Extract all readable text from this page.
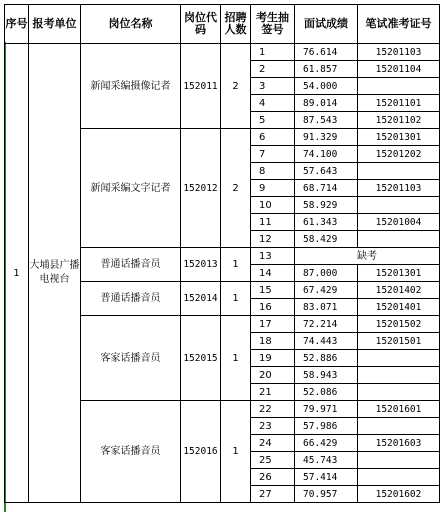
序号	报考单位	岗位名称	岗位代码	招聘人数	考生抽签号	面试成绩	笔试准考证号
1	大埔县广播电视台	新闻采编摄像记者	152011	2	1	76.614	15201103
					2	61.857	15201104
					3	54.000	
					4	89.014	15201101
					5	87.543	15201102
		新闻采编文字记者	152012	2	6	91.329	15201301
					7	74.100	15201202
					8	57.643	
					9	68.714	15201103
					10	58.929	
					11	61.343	15201004
					12	58.429	
		普通话播音员	152013	1	13	缺考	
					14	87.000	15201301
		普通话播音员	152014	1	15	67.429	15201402
					16	83.071	15201401
		客家话播音员	152015	1	17	72.214	15201502
					18	74.443	15201501
					19	52.886	
					20	58.943	
					21	52.086	
		客家话播音员	152016	1	22	79.971	15201601
					23	57.986	
					24	66.429	15201603
					25	45.743	
					26	57.414	
					27	70.957	15201602
